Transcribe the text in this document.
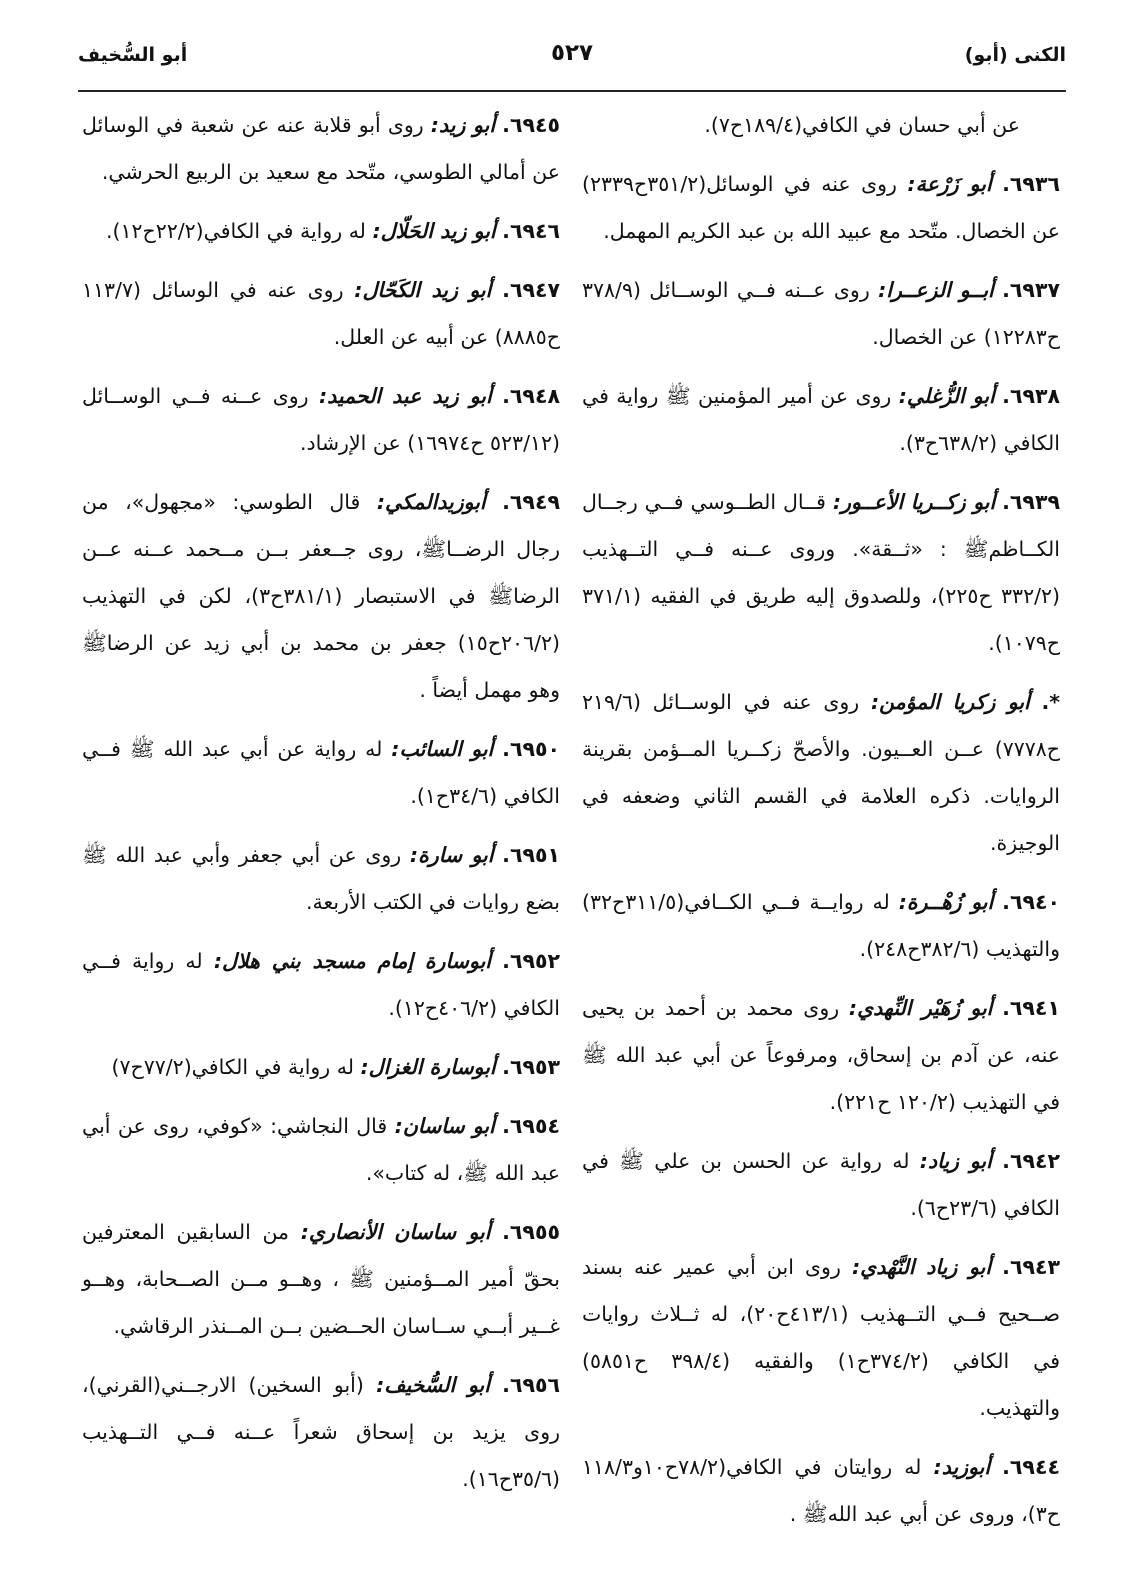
الكنى (أبو)
٥٢٧
أبو السُّخيف

عن أبي حسان في الكافي(١٨٩/٤ح٧).

٦٩٣٦. أبو زَرْعة: روى عنه في الوسائل(٣٥١/٢ح٢٣٣٩) عن الخصال. متّحد مع عبيد الله بن عبد الكريم المهمل.

٦٩٣٧. أبــو الزعــرا: روى عــنه فــي الوســائل (٣٧٨/٩ ح١٢٢٨٣) عن الخصال.

٦٩٣٨. أبو الزُّغلي: روى عن أمير المؤمنين ﷺ رواية في الكافي (٦٣٨/٢ح٣).

٦٩٣٩. أبو زكــريا الأعــور: قــال الطــوسي فــي رجــال الكــاظمﷺ : «ثــقة». وروى عــنه فــي التــهذيب (٣٣٢/٢ ح٢٢٥)، وللصدوق إليه طريق في الفقيه (٣٧١/١ ح١٠٧٩).

*. أبو زكريا المؤمن: روى عنه في الوســائل (٢١٩/٦ ح٧٧٧٨) عــن العــيون. والأصحّ زكــريا المــؤمن بقرينة الروايات. ذكره العلامة في القسم الثاني وضعفه في الوجيزة.

٦٩٤٠. أبو زُهْــرة: له روايــة فــي الكــافي(٣١١/٥ح٣٢) والتهذيب (٣٨٢/٦ح٢٤٨).

٦٩٤١. أبو زُهَيْر النِّهدي: روى محمد بن أحمد بن يحيى عنه، عن آدم بن إسحاق، ومرفوعاً عن أبي عبد الله ﷺ في التهذيب (١٢٠/٢ ح٢٢١).

٦٩٤٢. أبو زياد: له رواية عن الحسن بن علي ﷺ في الكافي (٢٣/٦ح٦).

٦٩٤٣. أبو زياد النَّهْدي: روى ابن أبي عمير عنه بسند صــحيح فــي التــهذيب (٤١٣/١ح٢٠)، له ثــلاث روايات في الكافي (٣٧٤/٢ح١) والفقيه (٣٩٨/٤ ح٥٨٥١) والتهذيب.

٦٩٤٤. أبوزيد: له روايتان في الكافي(٧٨/٢ح١٠و١١٨/٣ ح٣)، وروى عن أبي عبد اللهﷺ .

٦٩٤٥. أبو زيد: روى أبو قلابة عنه عن شعبة في الوسائل عن أمالي الطوسي، متّحد مع سعيد بن الربيع الحرشي.

٦٩٤٦. أبو زيد الحَلّال: له رواية في الكافي(٢٢/٢ح١٢).

٦٩٤٧. أبو زيد الكَحّال: روى عنه في الوسائل (١١٣/٧ ح٨٨٨٥) عن أبيه عن العلل.

٦٩٤٨. أبو زيد عبد الحميد: روى عــنه فــي الوســائل (٥٢٣/١٢ ح١٦٩٧٤) عن الإرشاد.

٦٩٤٩. أبوزيدالمكي: قال الطوسي: «مجهول»، من رجال الرضــاﷺ، روى جــعفر بــن مــحمد عــنه عــن الرضاﷺ في الاستبصار (٣٨١/١ح٣)، لكن في التهذيب (٢٠٦/٢ح١٥) جعفر بن محمد بن أبي زيد عن الرضاﷺ وهو مهمل أيضاً .

٦٩٥٠. أبو السائب: له رواية عن أبي عبد الله ﷺ فــي الكافي (٣٤/٦ح١).

٦٩٥١. أبو سارة: روى عن أبي جعفر وأبي عبد الله ﷺ بضع روايات في الكتب الأربعة.

٦٩٥٢. أبوسارة إمام مسجد بني هلال: له رواية فــي الكافي (٤٠٦/٢ح١٢).

٦٩٥٣. أبوسارة الغزال: له رواية في الكافي(٧٧/٢ح٧)

٦٩٥٤. أبو ساسان: قال النجاشي: «كوفي، روى عن أبي عبد الله ﷺ، له كتاب».

٦٩٥٥. أبو ساسان الأنصاري: من السابقين المعترفين بحقّ أمير المــؤمنين ﷺ ، وهــو مــن الصــحابة، وهــو غــير أبــي ســاسان الحــضين بــن المــنذر الرقاشي.

٦٩٥٦. أبو السُّخيف: (أبو السخين) الارجــني(القرني)، روى يزيد بن إسحاق شعراً عــنه فــي التــهذيب (٣٥/٦ح١٦).
